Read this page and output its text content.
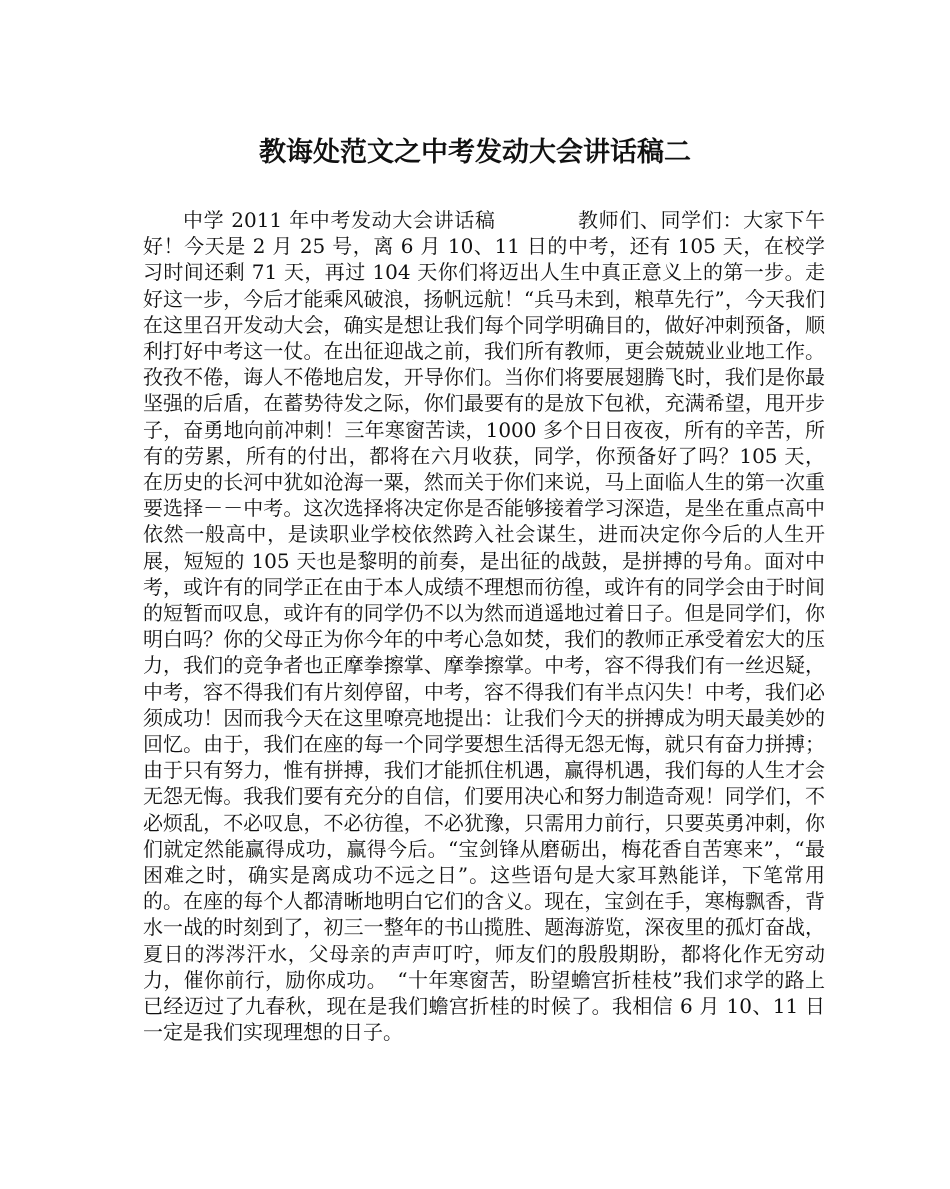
教诲处范文之中考发动大会讲话稿二

中学 2011 年中考发动大会讲话稿　　　　教师们、同学们：大家下午好！今天是 2 月 25 号，离 6 月 10、11 日的中考，还有 105 天，在校学习时间还剩 71 天，再过 104 天你们将迈出人生中真正意义上的第一步。走好这一步，今后才能乘风破浪，扬帆远航！“兵马未到，粮草先行”，今天我们在这里召开发动大会，确实是想让我们每个同学明确目的，做好冲刺预备，顺利打好中考这一仗。在出征迎战之前，我们所有教师，更会兢兢业业地工作。孜孜不倦，诲人不倦地启发，开导你们。当你们将要展翅腾飞时，我们是你最坚强的后盾，在蓄势待发之际，你们最要有的是放下包袱，充满希望，甩开步子，奋勇地向前冲刺！三年寒窗苦读，1000 多个日日夜夜，所有的辛苦，所有的劳累，所有的付出，都将在六月收获，同学，你预备好了吗？105 天，在历史的长河中犹如沧海一粟，然而关于你们来说，马上面临人生的第一次重要选择－－中考。这次选择将决定你是否能够接着学习深造，是坐在重点高中依然一般高中，是读职业学校依然跨入社会谋生，进而决定你今后的人生开展，短短的 105 天也是黎明的前奏，是出征的战鼓，是拼搏的号角。面对中考，或许有的同学正在由于本人成绩不理想而彷徨，或许有的同学会由于时间的短暂而叹息，或许有的同学仍不以为然而逍遥地过着日子。但是同学们，你明白吗？你的父母正为你今年的中考心急如焚，我们的教师正承受着宏大的压力，我们的竞争者也正摩拳擦掌、摩拳擦掌。中考，容不得我们有一丝迟疑，中考，容不得我们有片刻停留，中考，容不得我们有半点闪失！中考，我们必须成功！因而我今天在这里嘹亮地提出：让我们今天的拼搏成为明天最美妙的回忆。由于，我们在座的每一个同学要想生活得无怨无悔，就只有奋力拼搏；由于只有努力，惟有拼搏，我们才能抓住机遇，赢得机遇，我们每的人生才会无怨无悔。我我们要有充分的自信，们要用决心和努力制造奇观！同学们，不必烦乱，不必叹息，不必彷徨，不必犹豫，只需用力前行，只要英勇冲刺，你们就定然能赢得成功，赢得今后。“宝剑锋从磨砺出，梅花香自苦寒来”，“最困难之时，确实是离成功不远之日”。这些语句是大家耳熟能详，下笔常用的。在座的每个人都清晰地明白它们的含义。现在，宝剑在手，寒梅飘香，背水一战的时刻到了，初三一整年的书山揽胜、题海游览，深夜里的孤灯奋战，夏日的涔涔汗水，父母亲的声声叮咛，师友们的殷殷期盼，都将化作无穷动力，催你前行，励你成功。　“十年寒窗苦，盼望蟾宫折桂枝”我们求学的路上已经迈过了九春秋，现在是我们蟾宫折桂的时候了。我相信 6 月 10、11 日一定是我们实现理想的日子。
